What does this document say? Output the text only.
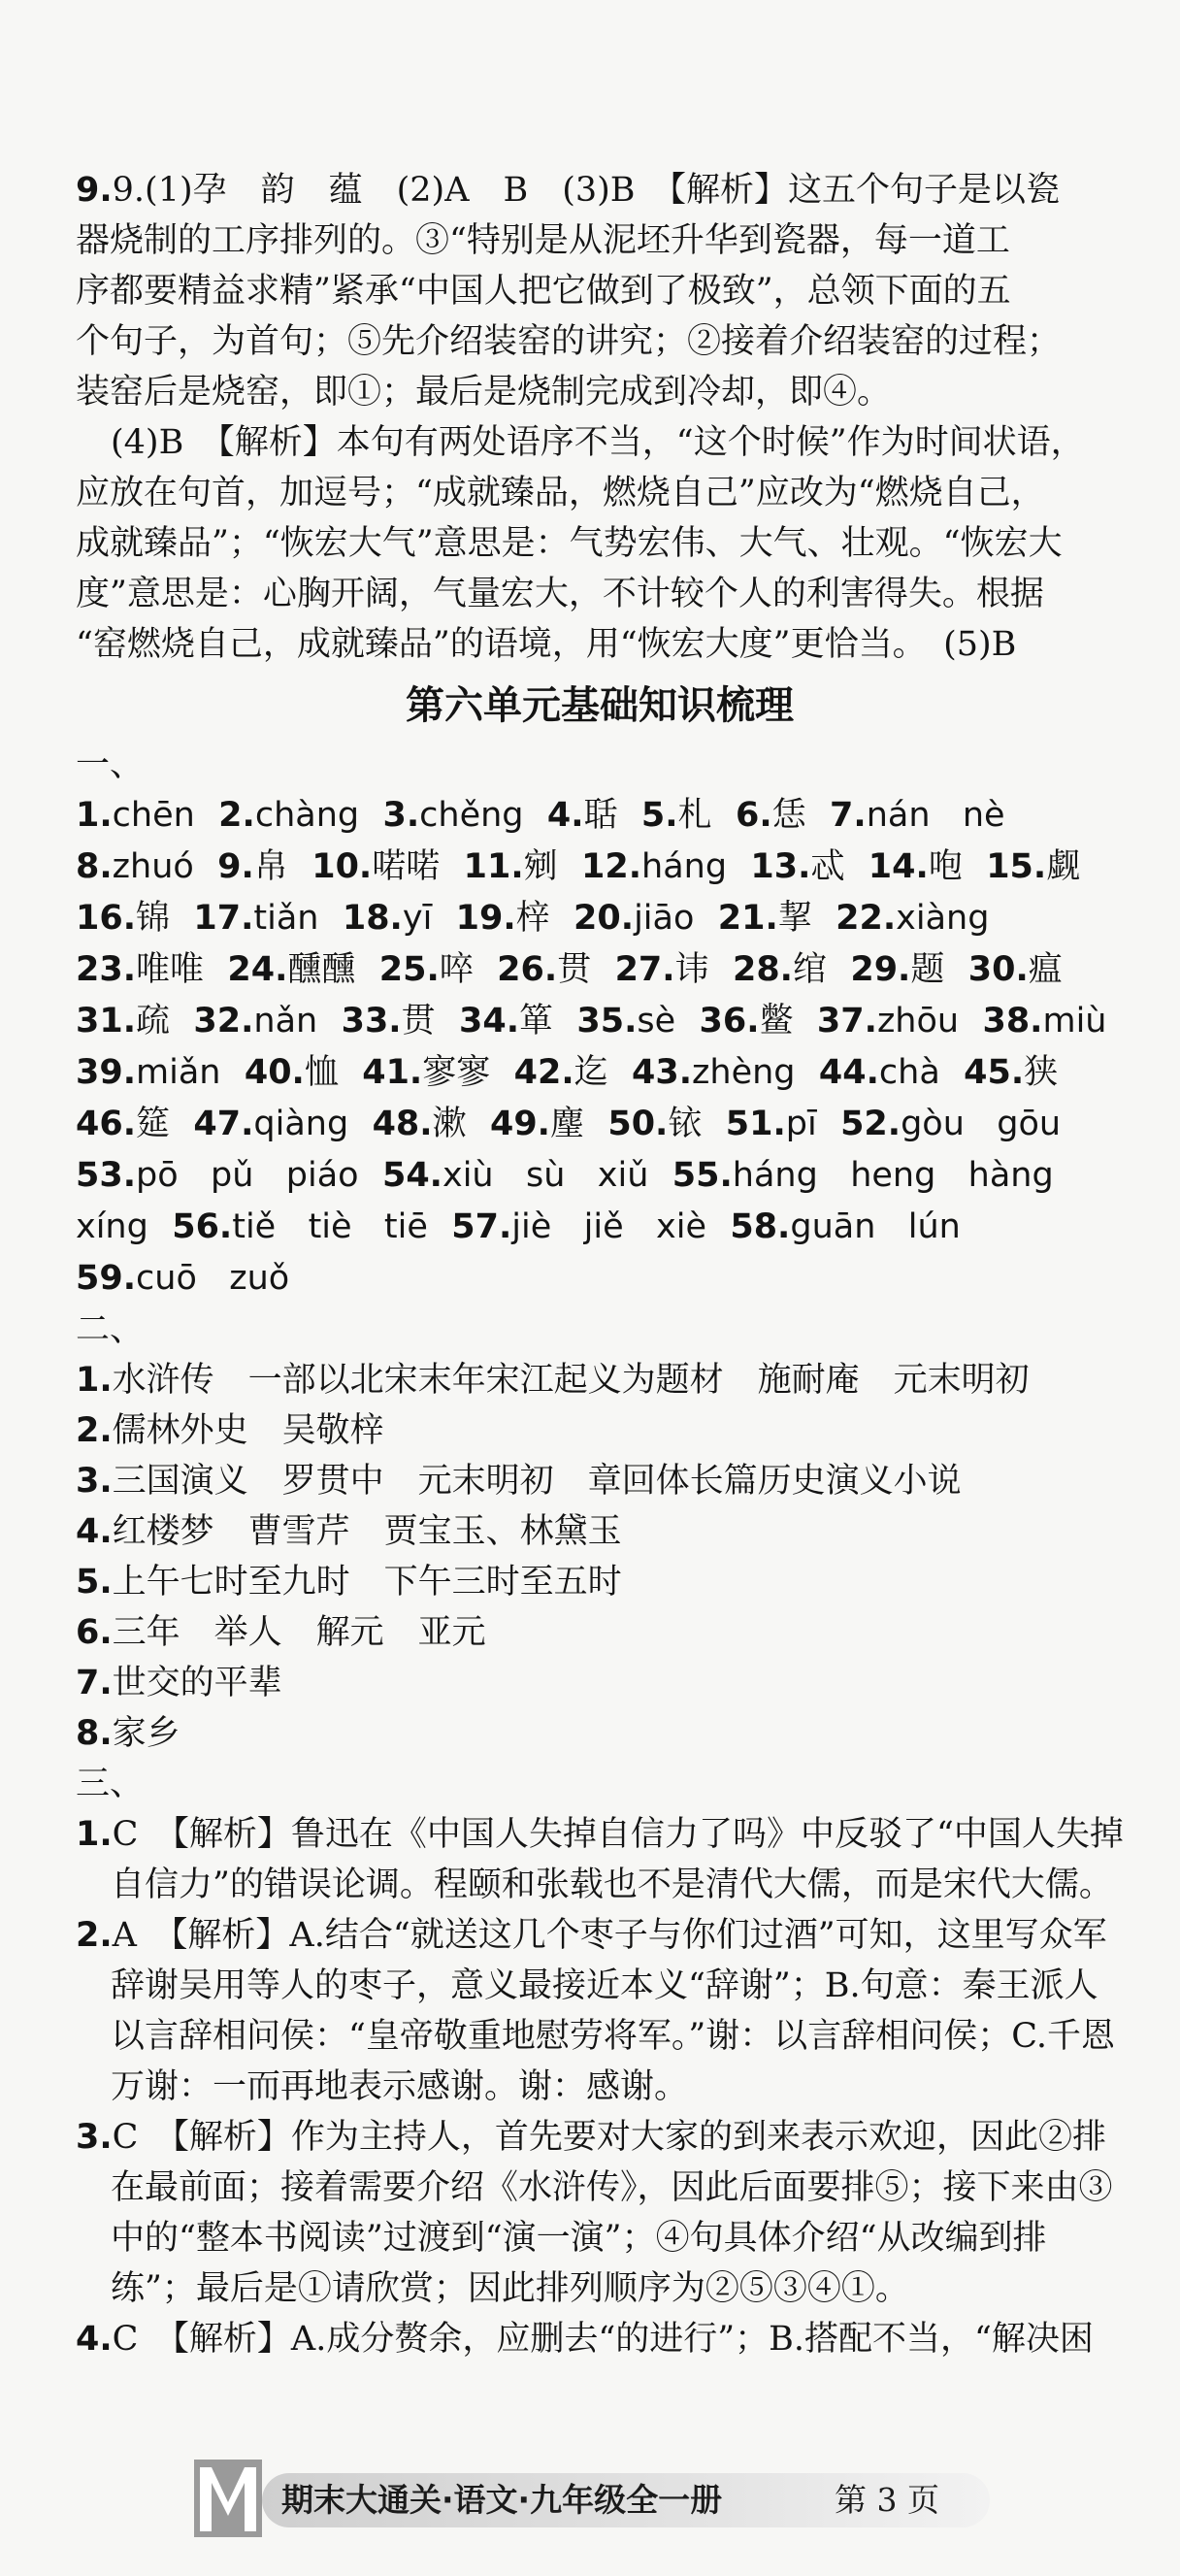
9.9.(1)孕　韵　蕴　(2)A　B　(3)B　【解析】这五个句子是以瓷

器烧制的工序排列的。③“特别是从泥坯升华到瓷器，每一道工

序都要精益求精”紧承“中国人把它做到了极致”，总领下面的五

个句子，为首句；⑤先介绍装窑的讲究；②接着介绍装窑的过程；

装窑后是烧窑，即①；最后是烧制完成到冷却，即④。

(4)B　【解析】本句有两处语序不当，“这个时候”作为时间状语，

应放在句首，加逗号；“成就臻品，燃烧自己”应改为“燃烧自己，

成就臻品”；“恢宏大气”意思是：气势宏伟、大气、壮观。“恢宏大

度”意思是：心胸开阔，气量宏大，不计较个人的利害得失。根据

“窑燃烧自己，成就臻品”的语境，用“恢宏大度”更恰当。　(5)B

第六单元基础知识梳理

一、

1. chēn 2. chàng 3. chěng 4. 聒 5. 札 6. 恁 7. nán   nè
8. zhuó 9. 帛 10. 喏喏 11. 剜 12. háng 13. 忒 14. 咆 15. 觑
16. 锦 17. tiǎn 18. yī 19. 梓 20. jiāo 21. 挈 22. xiàng
23. 唯唯 24. 醺醺 25. 啐 26. 贯 27. 讳 28. 绾 29. 题 30. 瘟
31. 疏 32. nǎn 33. 贯 34. 箪 35. sè 36. 鳖 37. zhōu 38. miù
39. miǎn 40. 恤 41. 寥寥 42. 迄 43. zhèng 44. chà 45. 狭
46. 筵 47. qiàng 48. 漱 49. 麈 50. 铱 51. pī 52. gòu   gōu
53. pō   pǔ   piáo 54. xiù   sù   xiǔ 55. háng   heng   hàng
xíng 56. tiě   tiè   tiē 57. jiè   jiě   xiè 58. guān   lún
59. cuō   zuǒ

二、

1.水浒传　一部以北宋末年宋江起义为题材　施耐庵　元末明初

2.儒林外史　吴敬梓

3.三国演义　罗贯中　元末明初　章回体长篇历史演义小说

4.红楼梦　曹雪芹　贾宝玉、林黛玉

5.上午七时至九时　下午三时至五时

6.三年　举人　解元　亚元

7.世交的平辈

8.家乡

三、

1.C　【解析】鲁迅在《中国人失掉自信力了吗》中反驳了“中国人失掉自信力”的错误论调。程颐和张载也不是清代大儒，而是宋代大儒。

2.A　【解析】A.结合“就送这几个枣子与你们过酒”可知，这里写众军辞谢吴用等人的枣子，意义最接近本义“辞谢”；B.句意：秦王派人以言辞相问侯：“皇帝敬重地慰劳将军。”谢：以言辞相问侯；C.千恩万谢：一而再地表示感谢。谢：感谢。

3.C　【解析】作为主持人，首先要对大家的到来表示欢迎，因此②排在最前面；接着需要介绍《水浒传》，因此后面要排⑤；接下来由③中的“整本书阅读”过渡到“演一演”；④句具体介绍“从改编到排练”；最后是①请欣赏；因此排列顺序为②⑤③④①。

4.C　【解析】A.成分赘余，应删去“的进行”；B.搭配不当，“解决困

期末大通关·语文·九年级全一册	第 3 页
